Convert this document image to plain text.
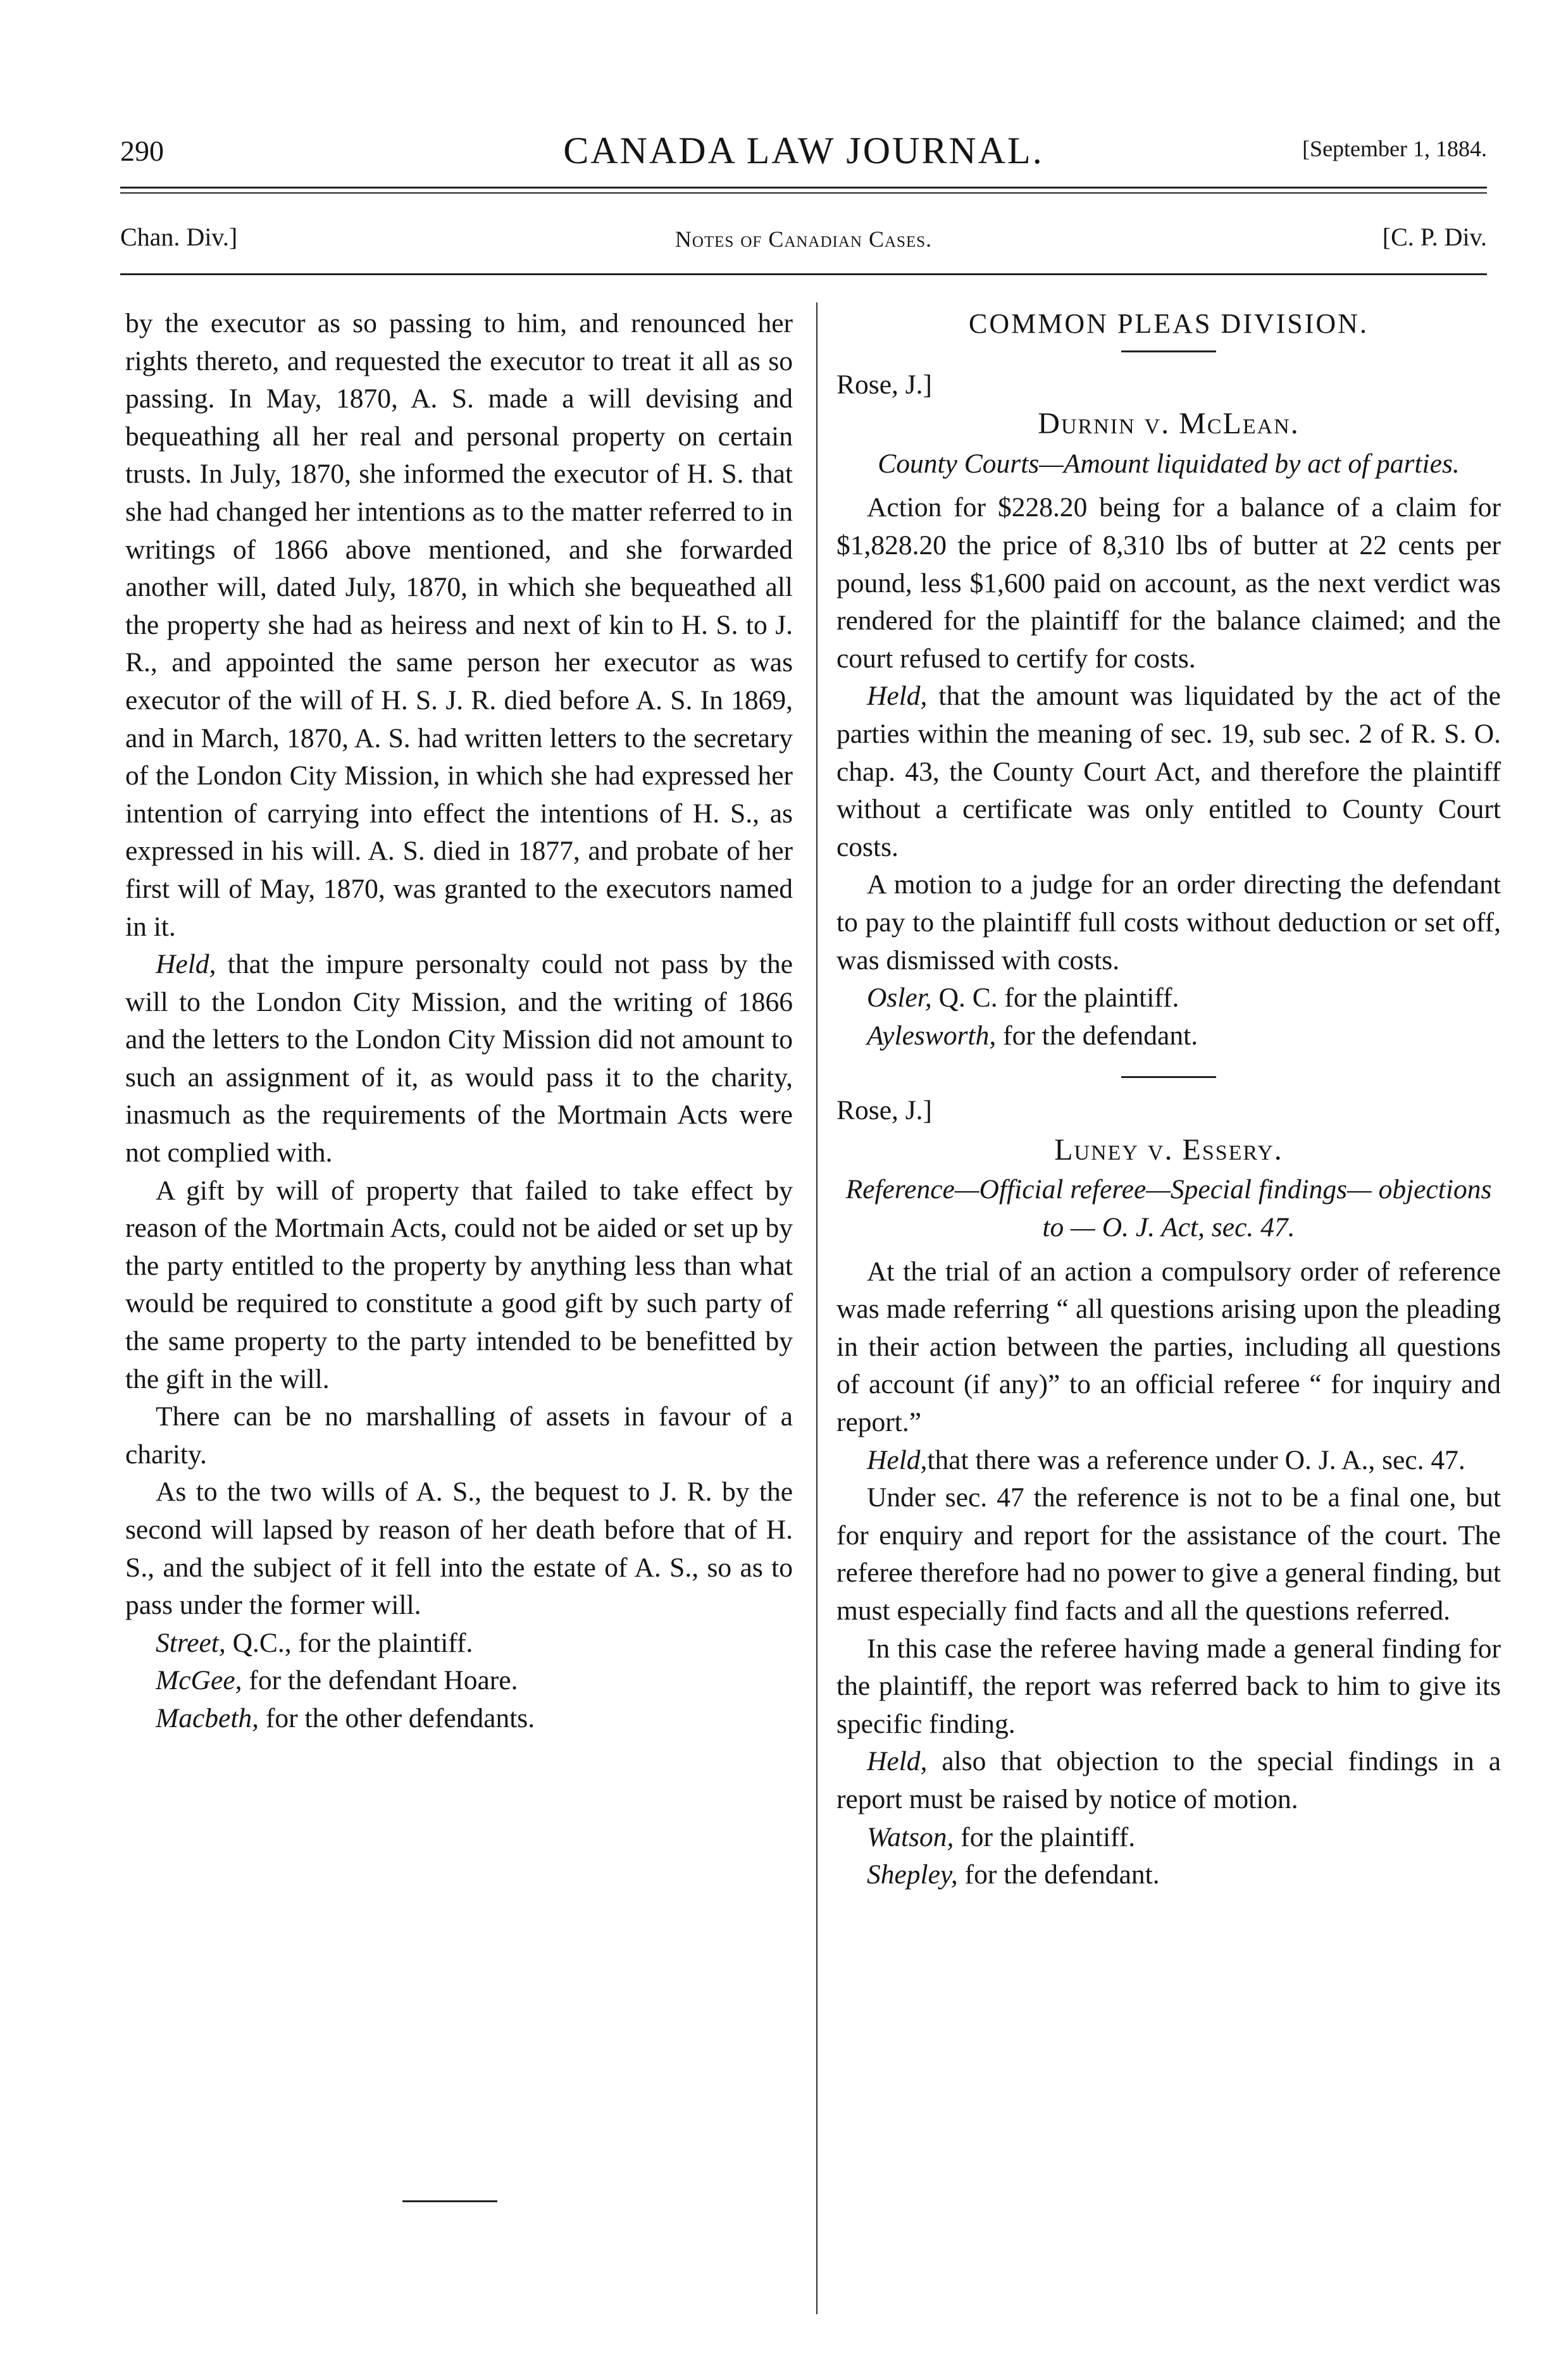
290	CANADA LAW JOURNAL.	[September 1, 1884.
Chan. Div.]	Notes of Canadian Cases.	[C. P. Div.

by the executor as so passing to him, and renounced her rights thereto, and requested the executor to treat it all as so passing. In May, 1870, A. S. made a will devising and bequeathing all her real and personal property on certain trusts. In July, 1870, she informed the executor of H. S. that she had changed her intentions as to the matter referred to in writings of 1866 above mentioned, and she forwarded another will, dated July, 1870, in which she bequeathed all the property she had as heiress and next of kin to H. S. to J. R., and appointed the same person her executor as was executor of the will of H. S. J. R. died before A. S. In 1869, and in March, 1870, A. S. had written letters to the secretary of the London City Mission, in which she had expressed her intention of carrying into effect the intentions of H. S., as expressed in his will. A. S. died in 1877, and probate of her first will of May, 1870, was granted to the executors named in it.

Held, that the impure personalty could not pass by the will to the London City Mission, and the writing of 1866 and the letters to the London City Mission did not amount to such an assignment of it, as would pass it to the charity, inasmuch as the requirements of the Mortmain Acts were not complied with.

A gift by will of property that failed to take effect by reason of the Mortmain Acts, could not be aided or set up by the party entitled to the property by anything less than what would be required to constitute a good gift by such party of the same property to the party intended to be benefitted by the gift in the will.

There can be no marshalling of assets in favour of a charity.

As to the two wills of A. S., the bequest to J. R. by the second will lapsed by reason of her death before that of H. S., and the subject of it fell into the estate of A. S., so as to pass under the former will.

Street, Q.C., for the plaintiff.

McGee, for the defendant Hoare.

Macbeth, for the other defendants.

COMMON PLEAS DIVISION.
Rose, J.]
Durnin v. McLean.
County Courts—Amount liquidated by act of parties.

Action for $228.20 being for a balance of a claim for $1,828.20 the price of 8,310 lbs of butter at 22 cents per pound, less $1,600 paid on account, as the next verdict was rendered for the plaintiff for the balance claimed; and the court refused to certify for costs.

Held, that the amount was liquidated by the act of the parties within the meaning of sec. 19, sub sec. 2 of R. S. O. chap. 43, the County Court Act, and therefore the plaintiff without a certificate was only entitled to County Court costs.

A motion to a judge for an order directing the defendant to pay to the plaintiff full costs without deduction or set off, was dismissed with costs.

Osler, Q. C. for the plaintiff.

Aylesworth, for the defendant.

Rose, J.]
Luney v. Essery.
Reference—Official referee—Special findings— objections to — O. J. Act, sec. 47.

At the trial of an action a compulsory order of reference was made referring “ all questions arising upon the pleading in their action between the parties, including all questions of account (if any)” to an official referee “ for inquiry and report.”

Held,that there was a reference under O. J. A., sec. 47.

Under sec. 47 the reference is not to be a final one, but for enquiry and report for the assistance of the court. The referee therefore had no power to give a general finding, but must especially find facts and all the questions referred.

In this case the referee having made a general finding for the plaintiff, the report was referred back to him to give its specific finding.

Held, also that objection to the special findings in a report must be raised by notice of motion.

Watson, for the plaintiff.

Shepley, for the defendant.
